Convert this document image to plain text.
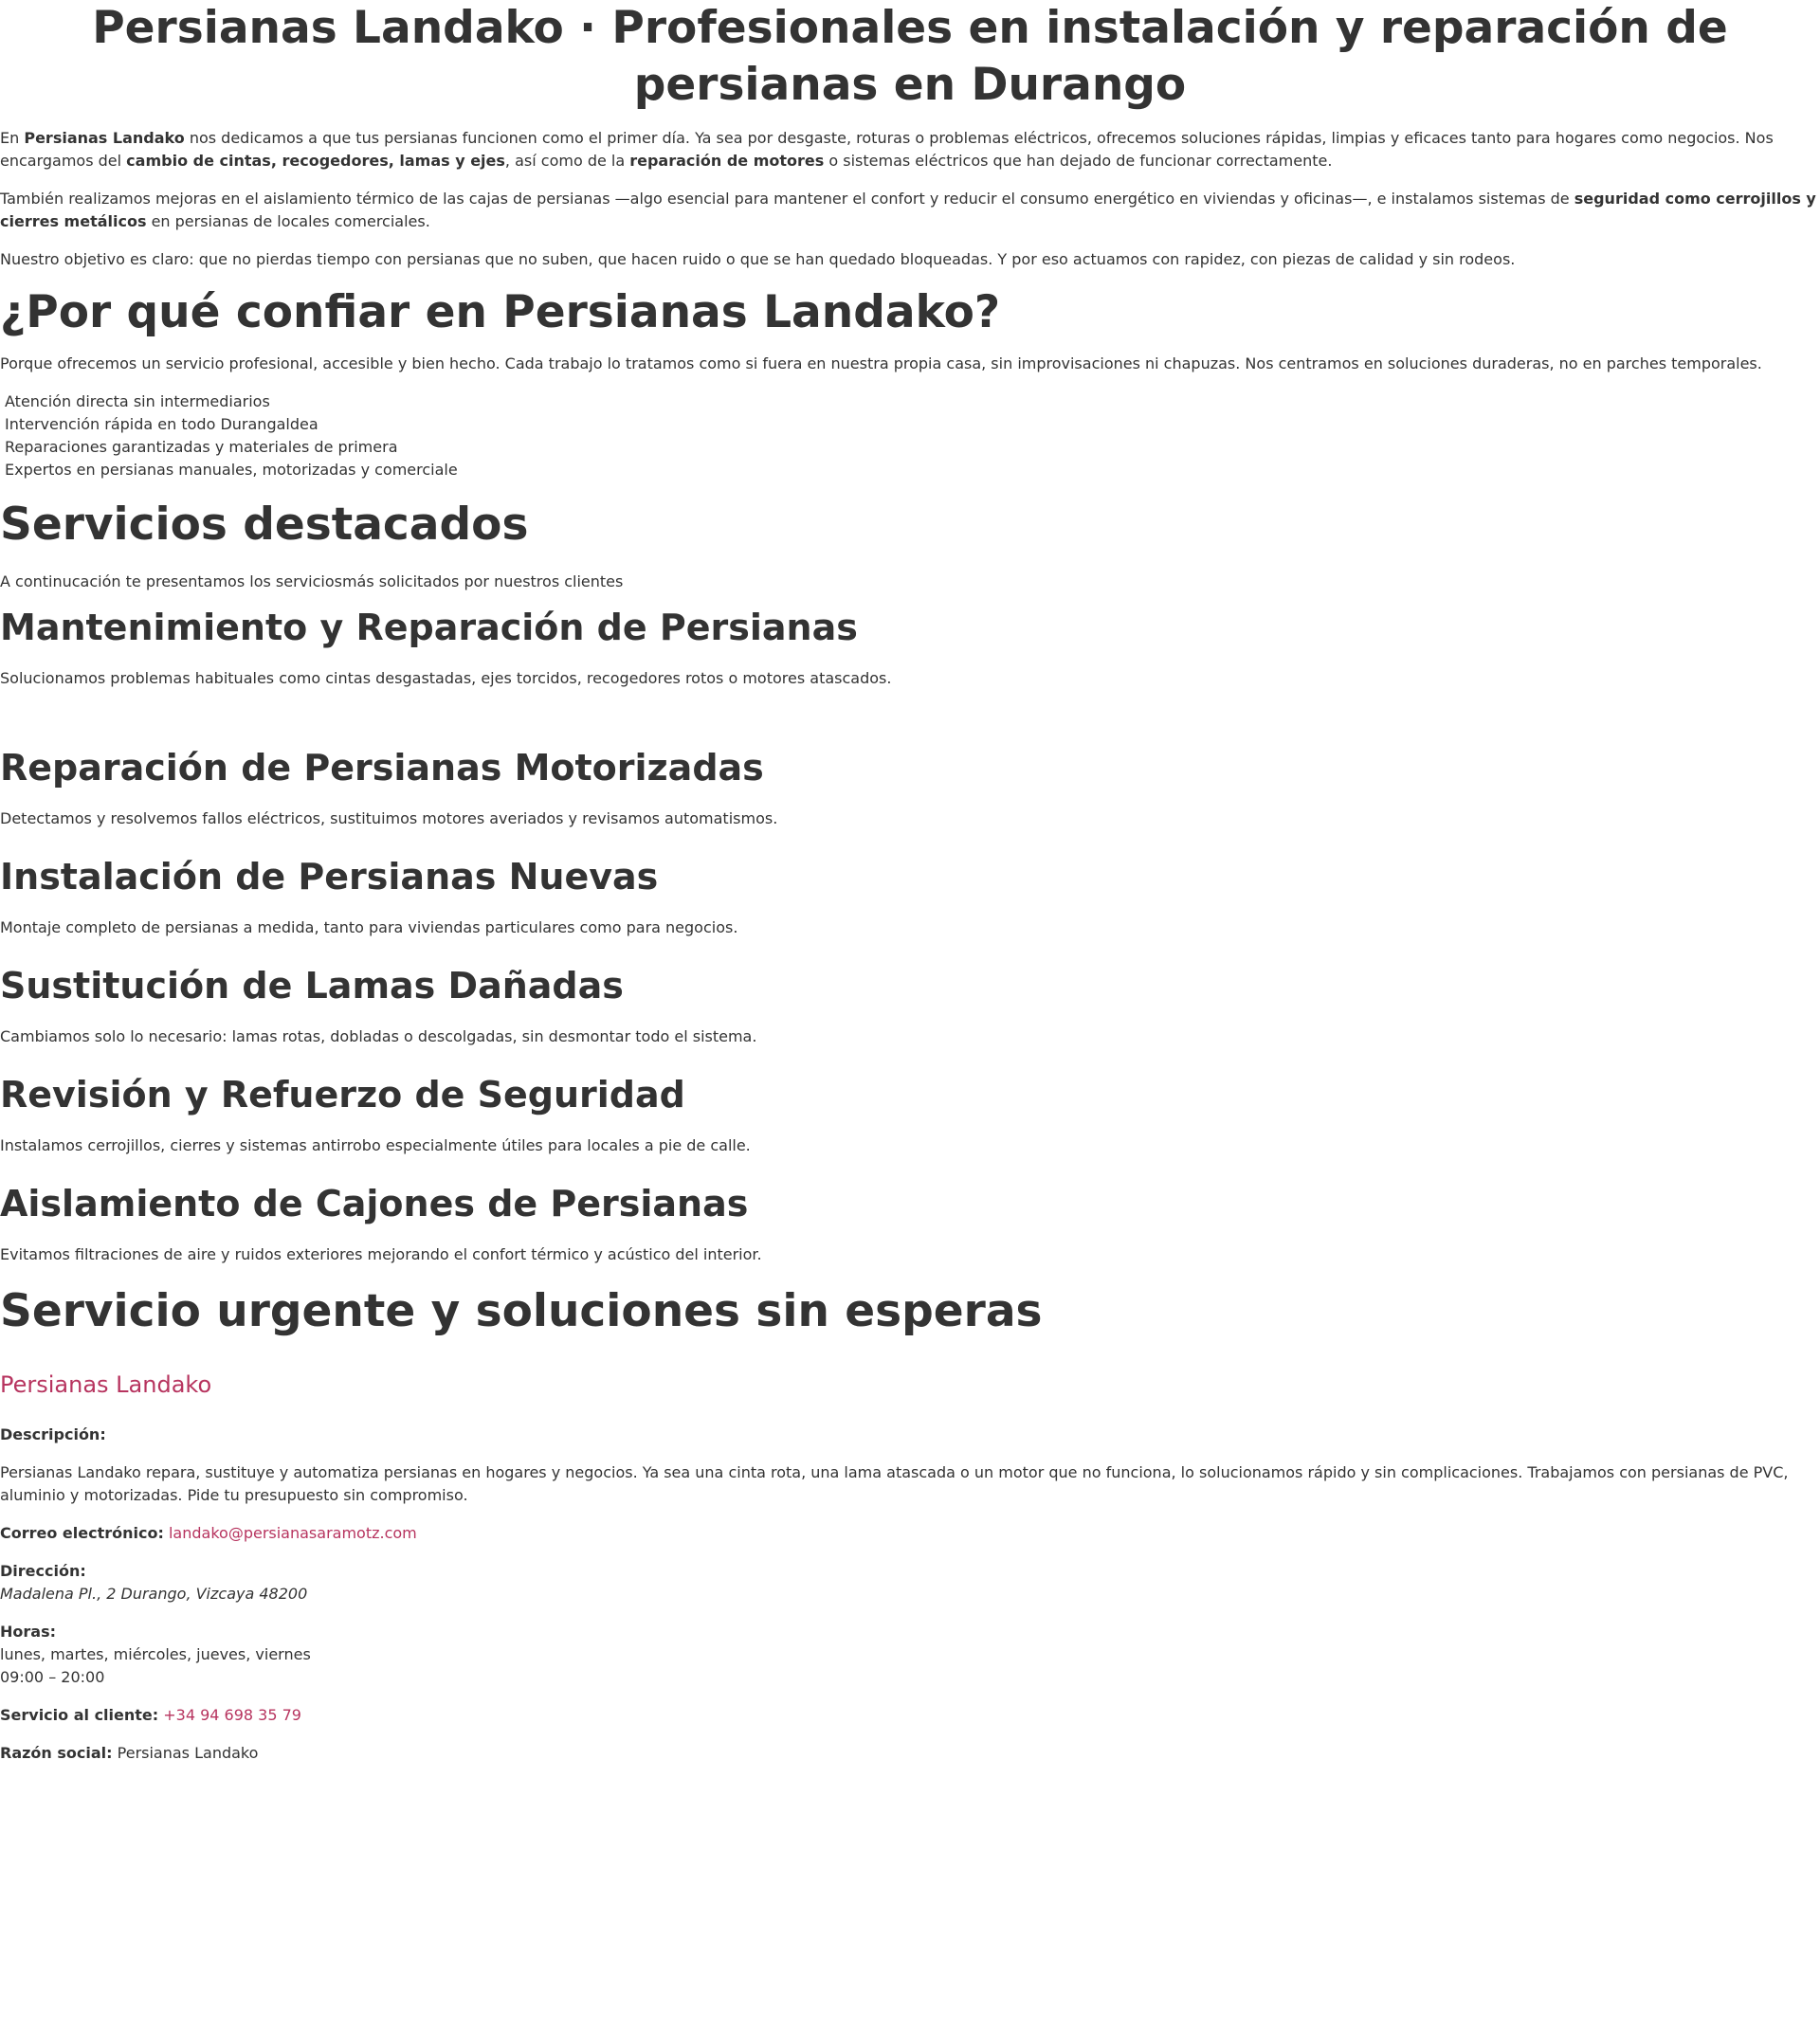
Persianas Landako · Profesionales en instalación y reparación de persianas en Durango

En Persianas Landako nos dedicamos a que tus persianas funcionen como el primer día. Ya sea por desgaste, roturas o problemas eléctricos, ofrecemos soluciones rápidas, limpias y eficaces tanto para hogares como negocios. Nos encargamos del cambio de cintas, recogedores, lamas y ejes, así como de la reparación de motores o sistemas eléctricos que han dejado de funcionar correctamente.

También realizamos mejoras en el aislamiento térmico de las cajas de persianas —algo esencial para mantener el confort y reducir el consumo energético en viviendas y oficinas—, e instalamos sistemas de seguridad como cerrojillos y cierres metálicos en persianas de locales comerciales.

Nuestro objetivo es claro: que no pierdas tiempo con persianas que no suben, que hacen ruido o que se han quedado bloqueadas. Y por eso actuamos con rapidez, con piezas de calidad y sin rodeos.

¿Por qué confiar en Persianas Landako?

Porque ofrecemos un servicio profesional, accesible y bien hecho. Cada trabajo lo tratamos como si fuera en nuestra propia casa, sin improvisaciones ni chapuzas. Nos centramos en soluciones duraderas, no en parches temporales.

Atención directa sin intermediarios
Intervención rápida en todo Durangaldea
Reparaciones garantizadas y materiales de primera
Expertos en persianas manuales, motorizadas y comerciale
Servicios destacados

A continucación te presentamos los serviciosmás solicitados por nuestros clientes

Mantenimiento y Reparación de Persianas

Solucionamos problemas habituales como cintas desgastadas, ejes torcidos, recogedores rotos o motores atascados.

Reparación de Persianas Motorizadas

Detectamos y resolvemos fallos eléctricos, sustituimos motores averiados y revisamos automatismos.

Instalación de Persianas Nuevas

Montaje completo de persianas a medida, tanto para viviendas particulares como para negocios.

Sustitución de Lamas Dañadas

Cambiamos solo lo necesario: lamas rotas, dobladas o descolgadas, sin desmontar todo el sistema.

Revisión y Refuerzo de Seguridad

Instalamos cerrojillos, cierres y sistemas antirrobo especialmente útiles para locales a pie de calle.

Aislamiento de Cajones de Persianas

Evitamos filtraciones de aire y ruidos exteriores mejorando el confort térmico y acústico del interior.

Servicio urgente y soluciones sin esperas
Persianas Landako

Descripción:

Persianas Landako repara, sustituye y automatiza persianas en hogares y negocios. Ya sea una cinta rota, una lama atascada o un motor que no funciona, lo solucionamos rápido y sin complicaciones. Trabajamos con persianas de PVC, aluminio y motorizadas. Pide tu presupuesto sin compromiso.

Correo electrónico: landako@persianasaramotz.com

Dirección:
Madalena Pl., 2 Durango, Vizcaya 48200

Horas:
lunes, martes, miércoles, jueves, viernes
09:00 – 20:00

Servicio al cliente: +34 94 698 35 79

Razón social: Persianas Landako
